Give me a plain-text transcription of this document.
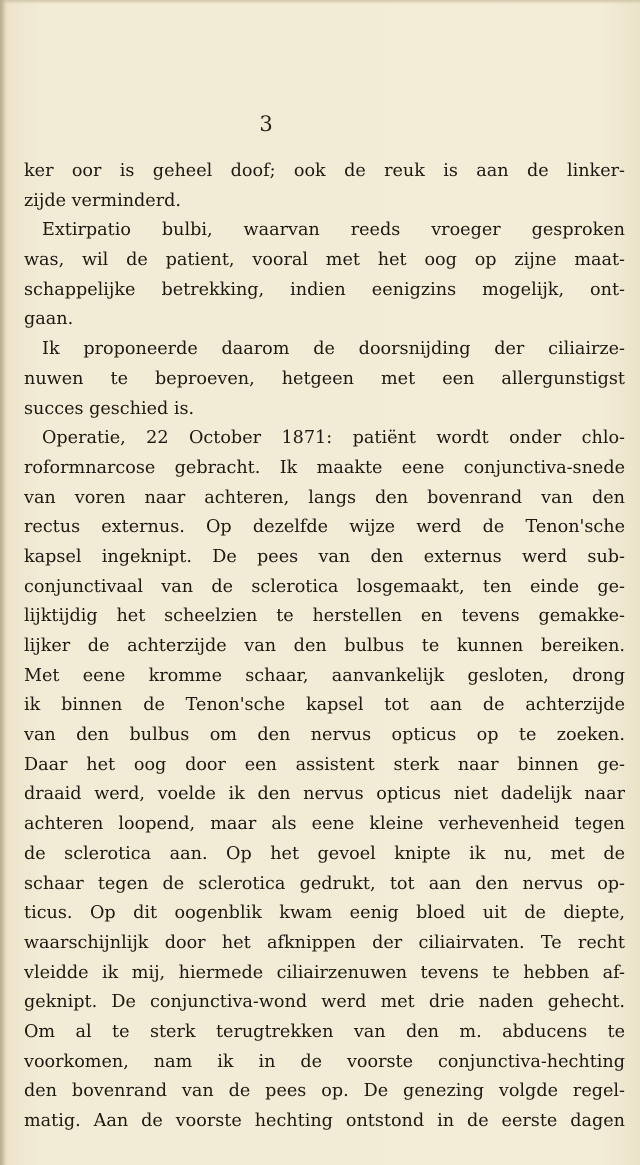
3
ker oor is geheel doof; ook de reuk is aan de linker-
zijde verminderd.
Extirpatio bulbi, waarvan reeds vroeger gesproken
was, wil de patient, vooral met het oog op zijne maat-
schappelijke betrekking, indien eenigzins mogelijk, ont-
gaan.
Ik proponeerde daarom de doorsnijding der ciliairze-
nuwen te beproeven, hetgeen met een allergunstigst
succes geschied is.
Operatie, 22 October 1871: patiënt wordt onder chlo-
roformnarcose gebracht. Ik maakte eene conjunctiva-snede
van voren naar achteren, langs den bovenrand van den
rectus externus. Op dezelfde wijze werd de Tenon'sche
kapsel ingeknipt. De pees van den externus werd sub-
conjunctivaal van de sclerotica losgemaakt, ten einde ge-
lijktijdig het scheelzien te herstellen en tevens gemakke-
lijker de achterzijde van den bulbus te kunnen bereiken.
Met eene kromme schaar, aanvankelijk gesloten, drong
ik binnen de Tenon'sche kapsel tot aan de achterzijde
van den bulbus om den nervus opticus op te zoeken.
Daar het oog door een assistent sterk naar binnen ge-
draaid werd, voelde ik den nervus opticus niet dadelijk naar
achteren loopend, maar als eene kleine verhevenheid tegen
de sclerotica aan. Op het gevoel knipte ik nu, met de
schaar tegen de sclerotica gedrukt, tot aan den nervus op-
ticus. Op dit oogenblik kwam eenig bloed uit de diepte,
waarschijnlijk door het afknippen der ciliairvaten. Te recht
vleidde ik mij, hiermede ciliairzenuwen tevens te hebben af-
geknipt. De conjunctiva-wond werd met drie naden gehecht.
Om al te sterk terugtrekken van den m. abducens te
voorkomen, nam ik in de voorste conjunctiva-hechting
den bovenrand van de pees op. De genezing volgde regel-
matig. Aan de voorste hechting ontstond in de eerste dagen
